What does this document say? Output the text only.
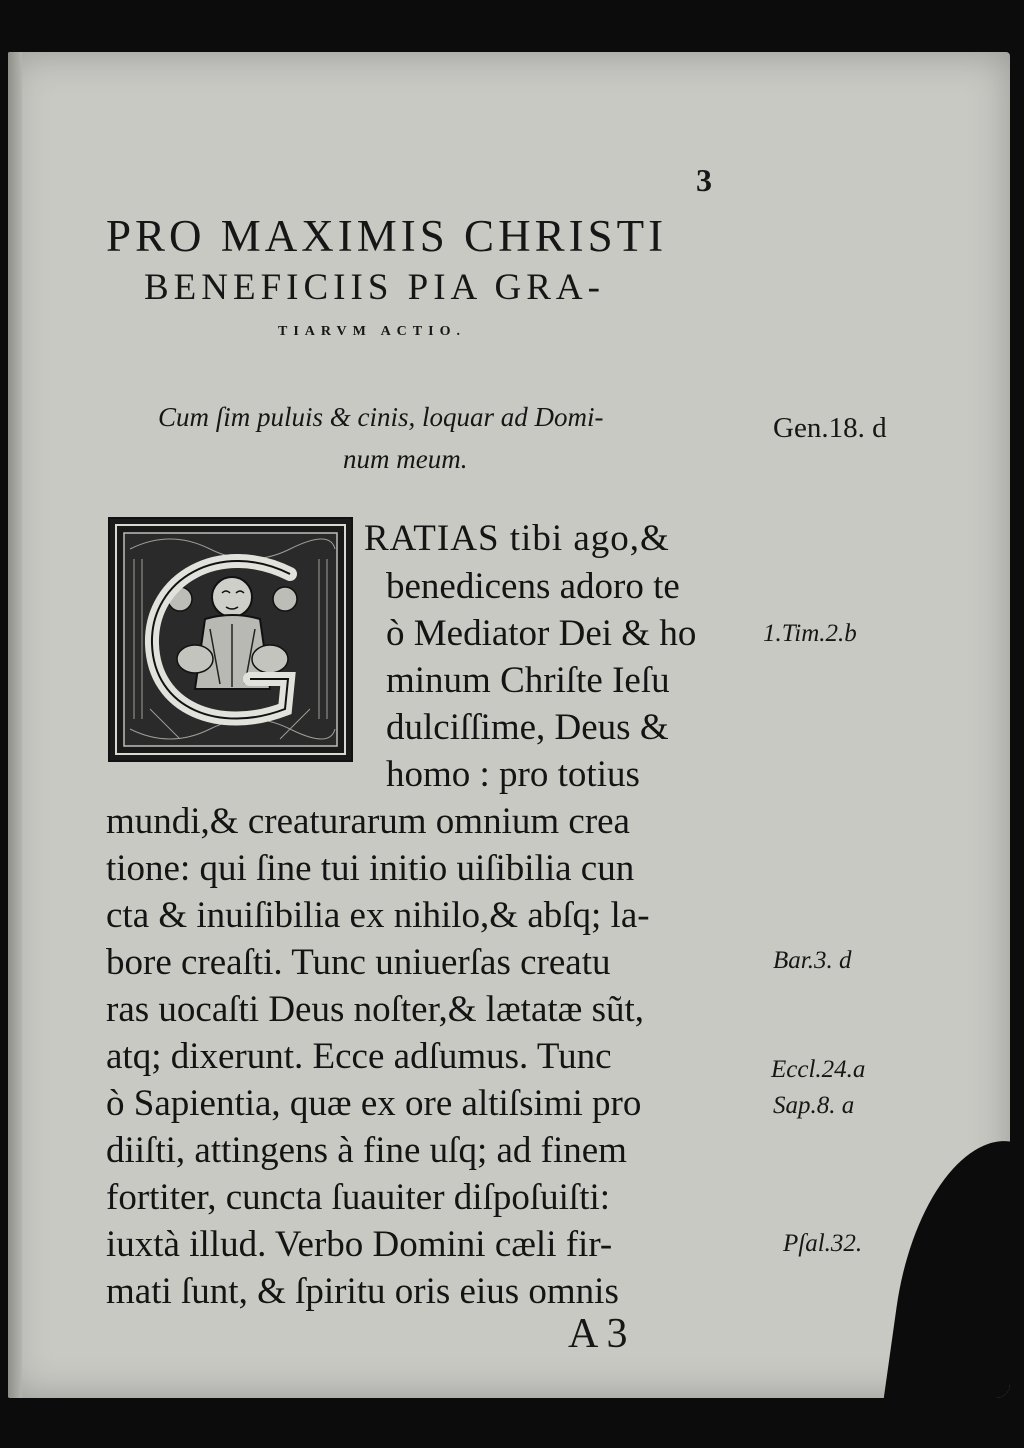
3

PRO MAXIMIS CHRISTI

BENEFICIIS PIA GRA-

TIARVM ACTIO.

Cum ſim puluis & cinis, loquar ad Domi-

num meum.

Gen.18. d
1.Tim.2.b
Bar.3. d
Eccl.24.a
Sap.8. a
Pſal.32.
RATIAS tibi ago,&
benedicens adoro te
ò Mediator Dei & ho
minum Chriſte Ieſu
dulciſſime, Deus &
homo : pro totius
mundi,& creaturarum omnium crea
tione: qui ſine tui initio uiſibilia cun
cta & inuiſibilia ex nihilo,& abſq; la-
bore creaſti. Tunc uniuerſas creatu
ras uocaſti Deus noſter,& lætatæ sũt,
atq; dixerunt. Ecce adſumus. Tunc
ò Sapientia, quæ ex ore altiſsimi pro
diiſti, attingens à fine uſq; ad finem
fortiter, cuncta ſuauiter diſpoſuiſti:
iuxtà illud. Verbo Domini cæli fir-
mati ſunt, & ſpiritu oris eius omnis

A 3
